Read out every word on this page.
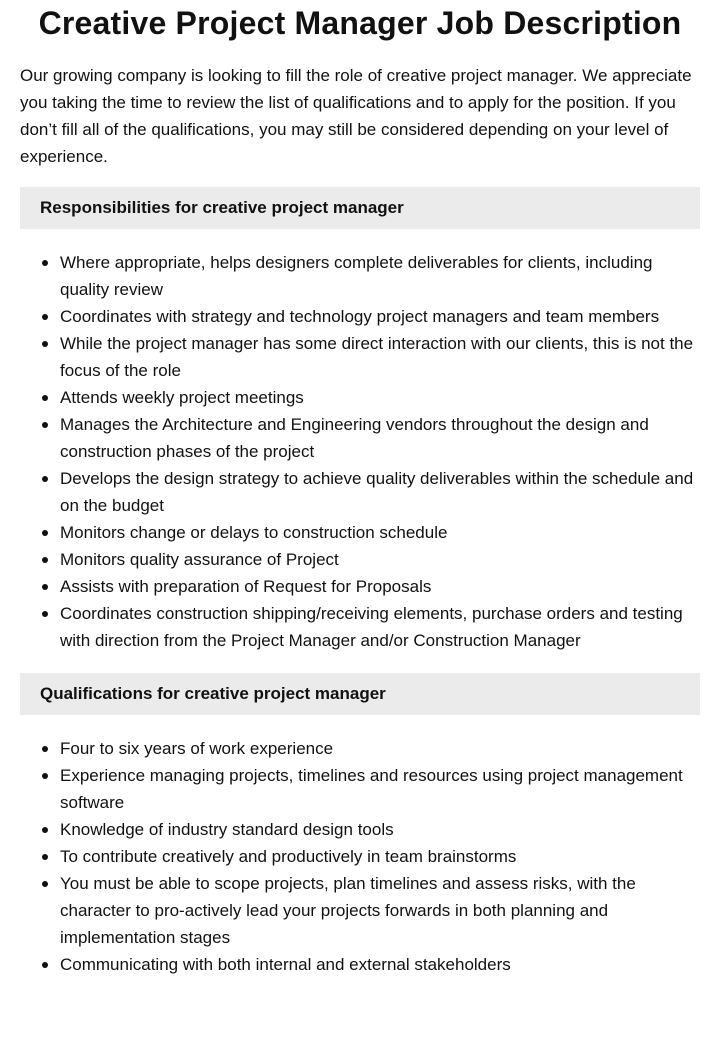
Creative Project Manager Job Description

Our growing company is looking to fill the role of creative project manager. We appreciate you taking the time to review the list of qualifications and to apply for the position. If you don’t fill all of the qualifications, you may still be considered depending on your level of experience.

Responsibilities for creative project manager
Where appropriate, helps designers complete deliverables for clients, including quality review
Coordinates with strategy and technology project managers and team members
While the project manager has some direct interaction with our clients, this is not the focus of the role
Attends weekly project meetings
Manages the Architecture and Engineering vendors throughout the design and construction phases of the project
Develops the design strategy to achieve quality deliverables within the schedule and on the budget
Monitors change or delays to construction schedule
Monitors quality assurance of Project
Assists with preparation of Request for Proposals
Coordinates construction shipping/receiving elements, purchase orders and testing with direction from the Project Manager and/or Construction Manager
Qualifications for creative project manager
Four to six years of work experience
Experience managing projects, timelines and resources using project management software
Knowledge of industry standard design tools
To contribute creatively and productively in team brainstorms
You must be able to scope projects, plan timelines and assess risks, with the character to pro-actively lead your projects forwards in both planning and implementation stages
Communicating with both internal and external stakeholders
